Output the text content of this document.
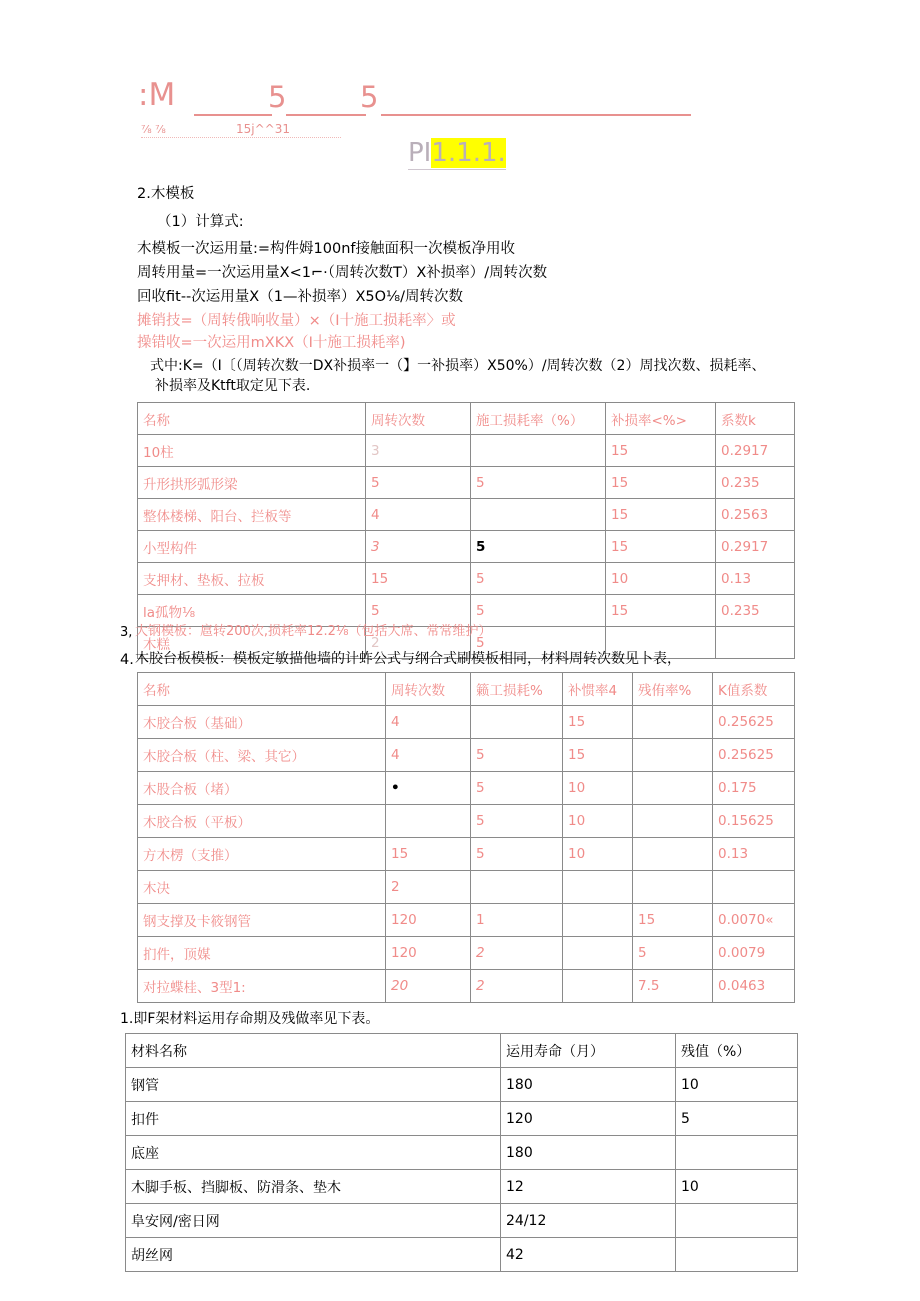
:M	5	5
⅞ ⅞	15j^^31
PI1.1.1.
2.木模板
（1）计算式:
木模板一次运用量:=构件姆100nf接触面积一次模板净用收
周转用量=一次运用量X<1⌐·（周转次数T）X补损率）/周转次数
回收fit--次运用量X（1—补损率）X5O⅛/周转次数
摊销技=（周转俄响收量）×（I十施工损耗率〉或
操错收=一次运用mXKX（I十施工损耗率)
式中:K=（I〔（周转次数一DX补损率一（】一补损率）X50%）/周转次数（2）周找次数、损耗率、
补损率及Ktft取定见下表.
名称	周转次数	施工损耗率（%）	补损率<%>	系数k
10柱	3		15	0.2917
升形拱形弧形梁	5	5	15	0.235
整体楼梯、阳台、拦板等	4		15	0.2563
小型构件	3	5	15	0.2917
支押材、垫板、拉板	15	5	10	0.13
la孤物⅛	5	5	15	0.235
木糕	2	5		
3, 大钢模板：扈转200次,损耗率12.2⅛（包括大席、常常维护）
4. 木胶台板模板：模板定敏描他墙的计蚱公式与纲合式刷模板相同，材料周转次数见卜表，
名称	周转次数	籁工损耗%	补惯率4	残侑率%	K值系数
木胶合板（基础）	4		15		0.25625
木胶合板（柱、梁、其它）	4	5	15		0.25625
木股合板（堵）	•	5	10		0.175
木胶合板（平板）		5	10		0.15625
方木楞（支推）	15	5	10		0.13
木决	2				
钢支撑及卡筱钢管	120	1		15	0.0070«
扪件，顶媒	120	2		5	0.0079
对拉蝶桂、3型1:	20	2		7.5	0.0463
1.即F架材料运用存命期及残做率见下表。
材料名称	运用寿命（月）	残值（%）
钢管	180	10
扣件	120	5
底座	180	
木脚手板、挡脚板、防滑条、垫木	12	10
阜安网/密日网	24/12	
胡丝网	42	
